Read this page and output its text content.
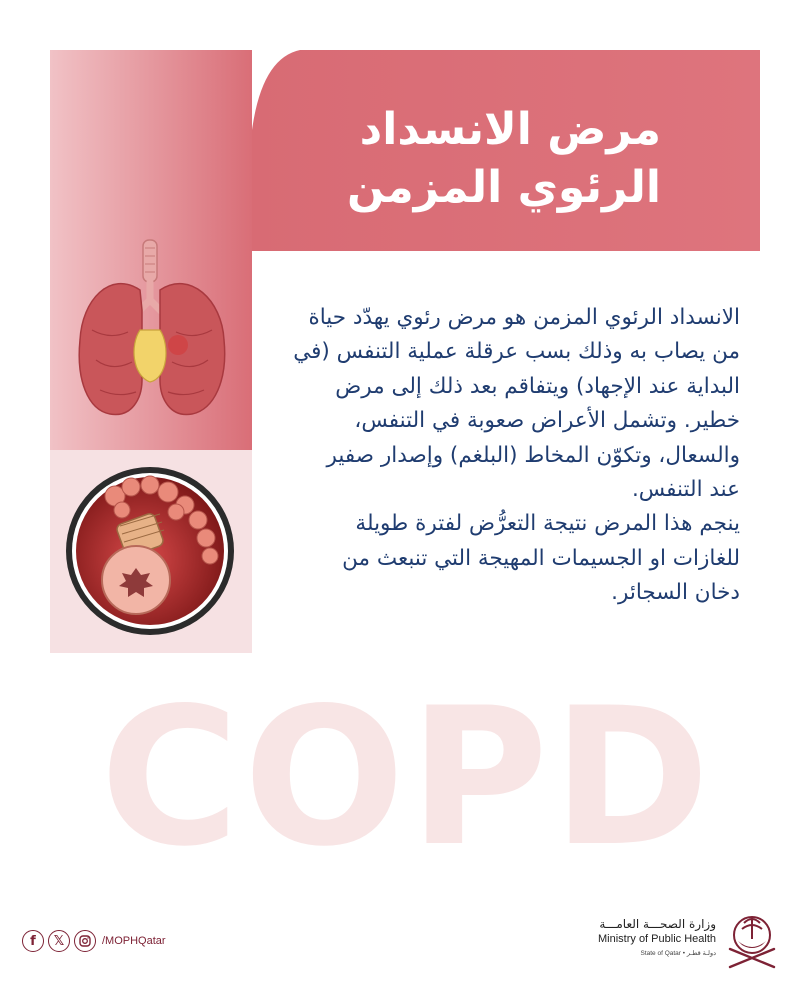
مرض الانسداد
الرئوي المزمن

الانسداد الرئوي المزمن هو مرض رئوي يهدّد حياة من يصاب به وذلك بسب عرقلة عملية التنفس (في البداية عند الإجهاد) ويتفاقم بعد ذلك إلى مرض خطير. وتشمل الأعراض صعوبة في التنفس، والسعال، وتكوّن المخاط (البلغم) وإصدار صفير عند التنفس.

ينجم هذا المرض نتيجة التعرُّض لفترة طويلة للغازات او الجسيمات المهيجة التي تنبعث من دخان السجائر.

COPD
f	𝕏	/MOPHQatar
وزارة الصحـــة العامـــة
Ministry of Public Health
State of Qatar • دولـة قطـر
